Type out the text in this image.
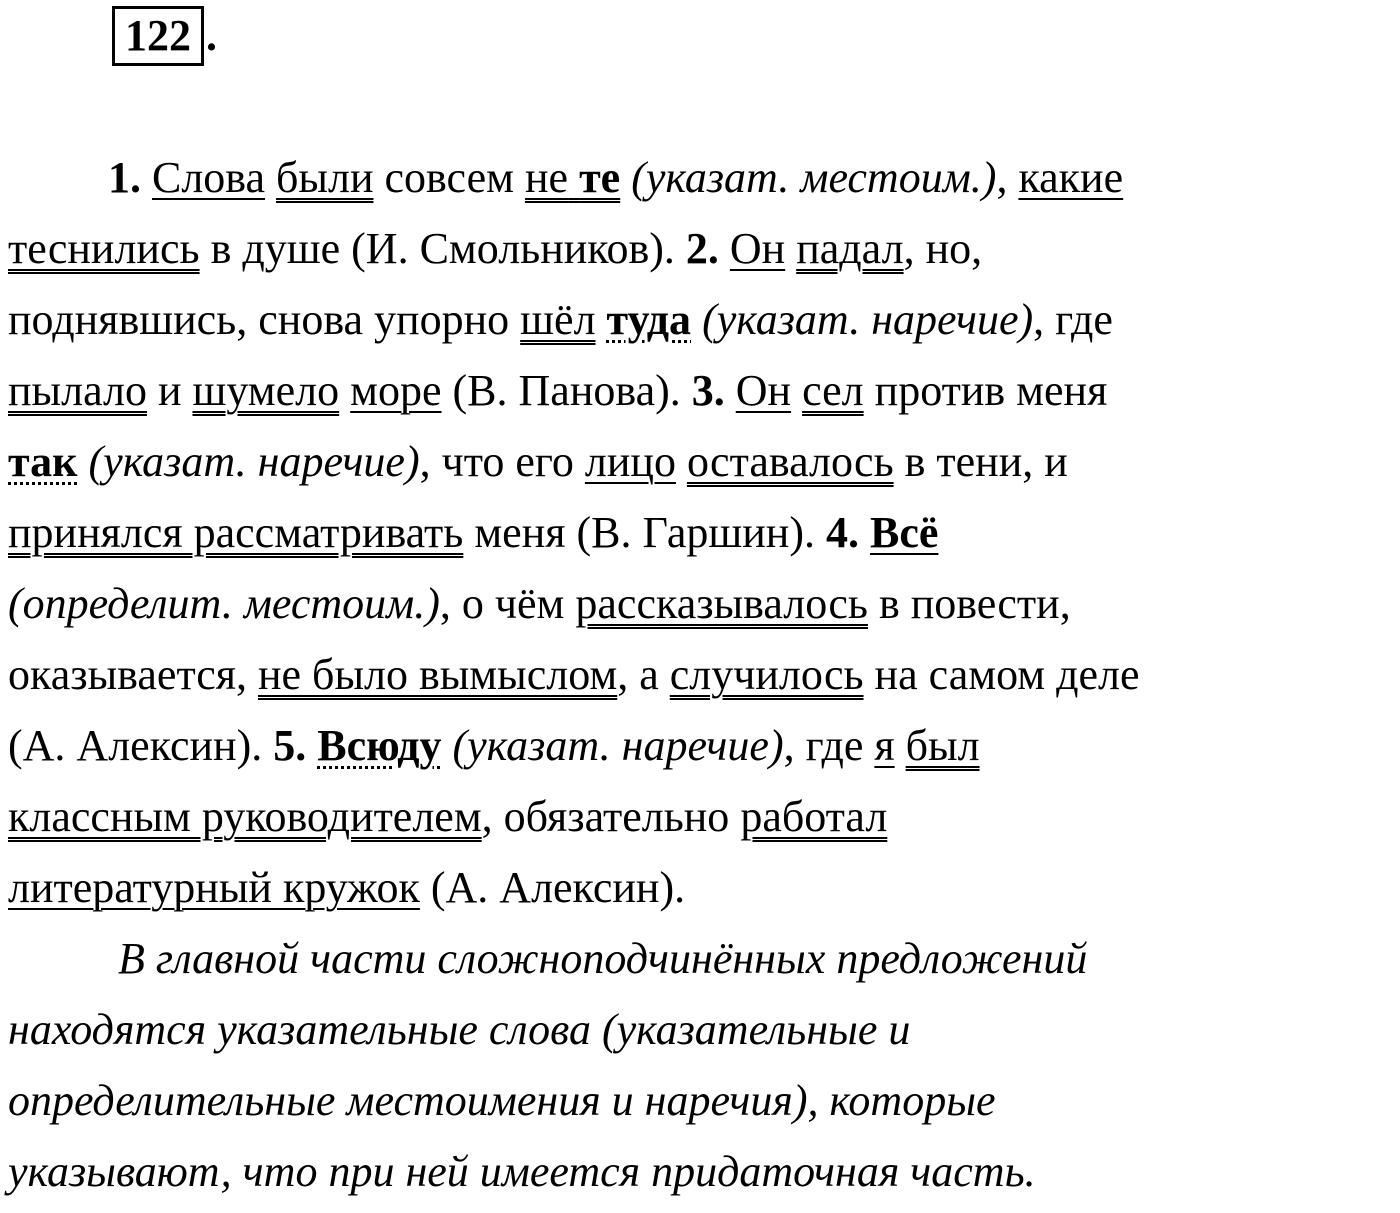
122 .
1. Слова были совсем не те (указат. местоим.), какие
теснились в душе (И. Смольников). 2. Он падал, но,
поднявшись, снова упорно шёл туда (указат. наречие), где
пылало и шумело море (В. Панова). 3. Он сел против меня
так (указат. наречие), что его лицо оставалось в тени, и
принялся рассматривать меня (В. Гаршин). 4. Всё
(определит. местоим.), о чём рассказывалось в повести,
оказывается, не было вымыслом, а случилось на самом деле
(А. Алексин). 5. Всюду (указат. наречие), где я был
классным руководителем, обязательно работал
литературный кружок (А. Алексин).
В главной части сложноподчинённых предложений
находятся указательные слова (указательные и
определительные местоимения и наречия), которые
указывают, что при ней имеется придаточная часть.
